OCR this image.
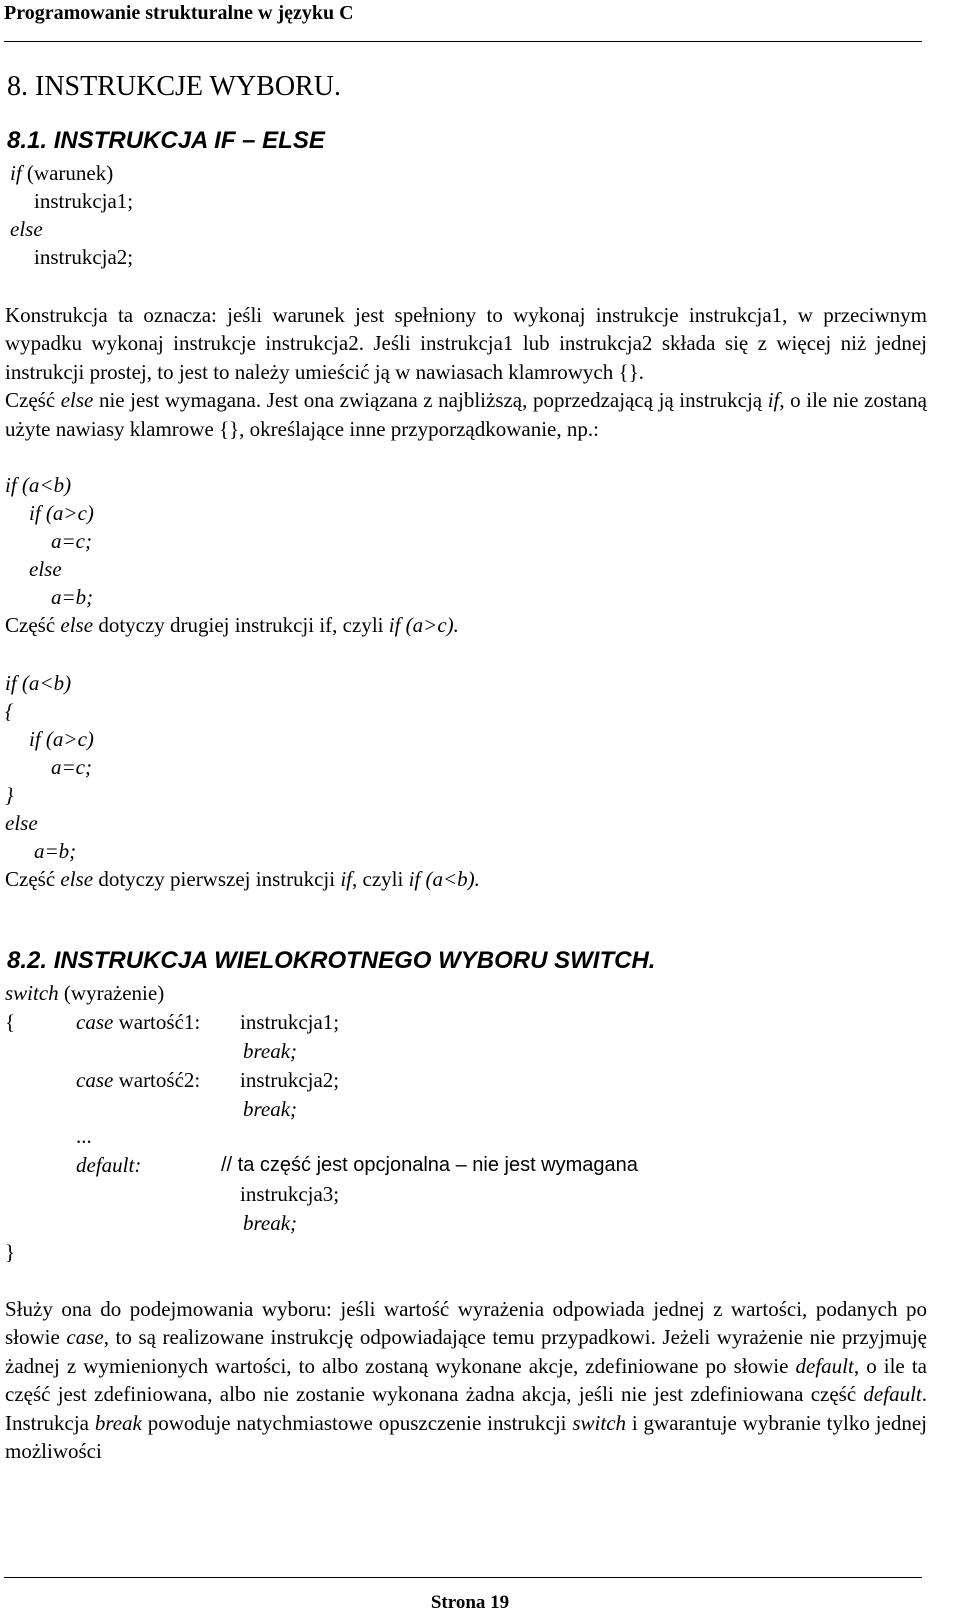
Programowanie strukturalne w języku C
8. INSTRUKCJE WYBORU.
8.1. INSTRUKCJA IF – ELSE
if (warunek)
instrukcja1;
else
instrukcja2;

Konstrukcja ta oznacza: jeśli warunek jest spełniony to wykonaj instrukcje instrukcja1, w przeciwnym wypadku wykonaj instrukcje instrukcja2. Jeśli instrukcja1 lub instrukcja2 składa się z więcej niż jednej instrukcji prostej, to jest to należy umieścić ją w nawiasach klamrowych {}.

Część else nie jest wymagana. Jest ona związana z najbliższą, poprzedzającą ją instrukcją if, o ile nie zostaną użyte nawiasy klamrowe {}, określające inne przyporządkowanie, np.:

if (a<b)
if (a>c)
a=c;
else
a=b;
Część else dotyczy drugiej instrukcji if, czyli if (a>c).
if (a<b)
{
if (a>c)
a=c;
}
else
a=b;
Część else dotyczy pierwszej instrukcji if, czyli if (a<b).
8.2. INSTRUKCJA WIELOKROTNEGO WYBORU SWITCH.
switch (wyrażenie)
{	case wartość1: instrukcja1;
break;
case wartość2: instrukcja2;
break;
...
default:	// ta część jest opcjonalna – nie jest wymagana
instrukcja3;
break;
}

Służy ona do podejmowania wyboru: jeśli wartość wyrażenia odpowiada jednej z wartości, podanych po słowie case, to są realizowane instrukcję odpowiadające temu przypadkowi. Jeżeli wyrażenie nie przyjmuję żadnej z wymienionych wartości, to albo zostaną wykonane akcje, zdefiniowane po słowie default, o ile ta część jest zdefiniowana, albo nie zostanie wykonana żadna akcja, jeśli nie jest zdefiniowana część default. Instrukcja break powoduje natychmiastowe opuszczenie instrukcji switch i gwarantuje wybranie tylko jednej możliwości

Strona 19
